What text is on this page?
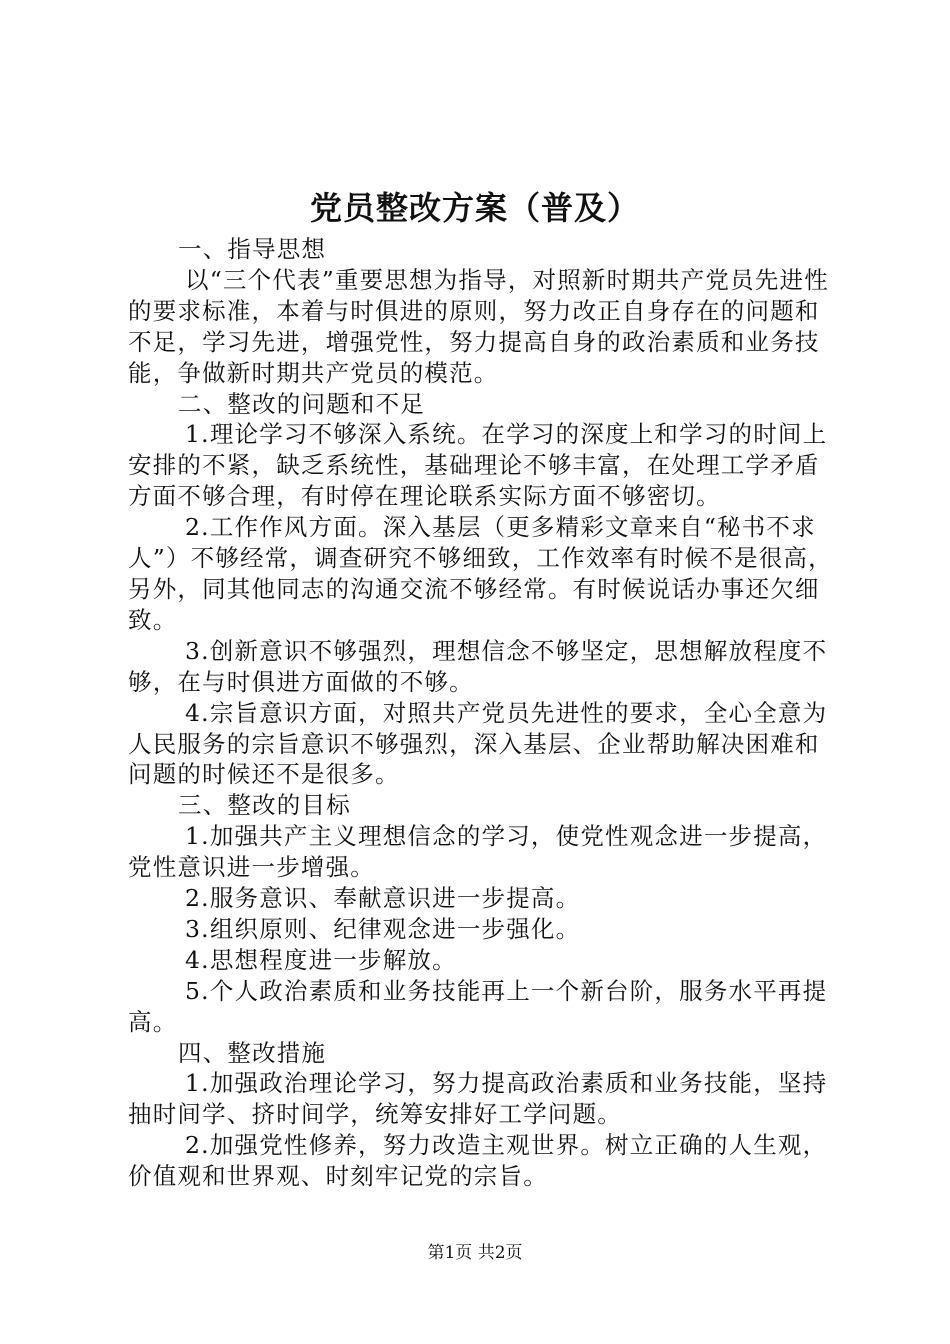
党员整改方案（普及）

一、指导思想

以“三个代表”重要思想为指导，对照新时期共产党员先进性的要求标准，本着与时俱进的原则，努力改正自身存在的问题和不足，学习先进，增强党性，努力提高自身的政治素质和业务技能，争做新时期共产党员的模范。

二、整改的问题和不足

1.理论学习不够深入系统。在学习的深度上和学习的时间上安排的不紧，缺乏系统性，基础理论不够丰富，在处理工学矛盾方面不够合理，有时停在理论联系实际方面不够密切。

2.工作作风方面。深入基层（更多精彩文章来自“秘书不求人”）不够经常，调查研究不够细致，工作效率有时候不是很高，另外，同其他同志的沟通交流不够经常。有时候说话办事还欠细致。

3.创新意识不够强烈，理想信念不够坚定，思想解放程度不够，在与时俱进方面做的不够。

4.宗旨意识方面，对照共产党员先进性的要求，全心全意为人民服务的宗旨意识不够强烈，深入基层、企业帮助解决困难和问题的时候还不是很多。

三、整改的目标

1.加强共产主义理想信念的学习，使党性观念进一步提高，党性意识进一步增强。

2.服务意识、奉献意识进一步提高。

3.组织原则、纪律观念进一步强化。

4.思想程度进一步解放。

5.个人政治素质和业务技能再上一个新台阶，服务水平再提高。

四、整改措施

1.加强政治理论学习，努力提高政治素质和业务技能，坚持抽时间学、挤时间学，统筹安排好工学问题。

2.加强党性修养，努力改造主观世界。树立正确的人生观，价值观和世界观、时刻牢记党的宗旨。

第1页 共2页
